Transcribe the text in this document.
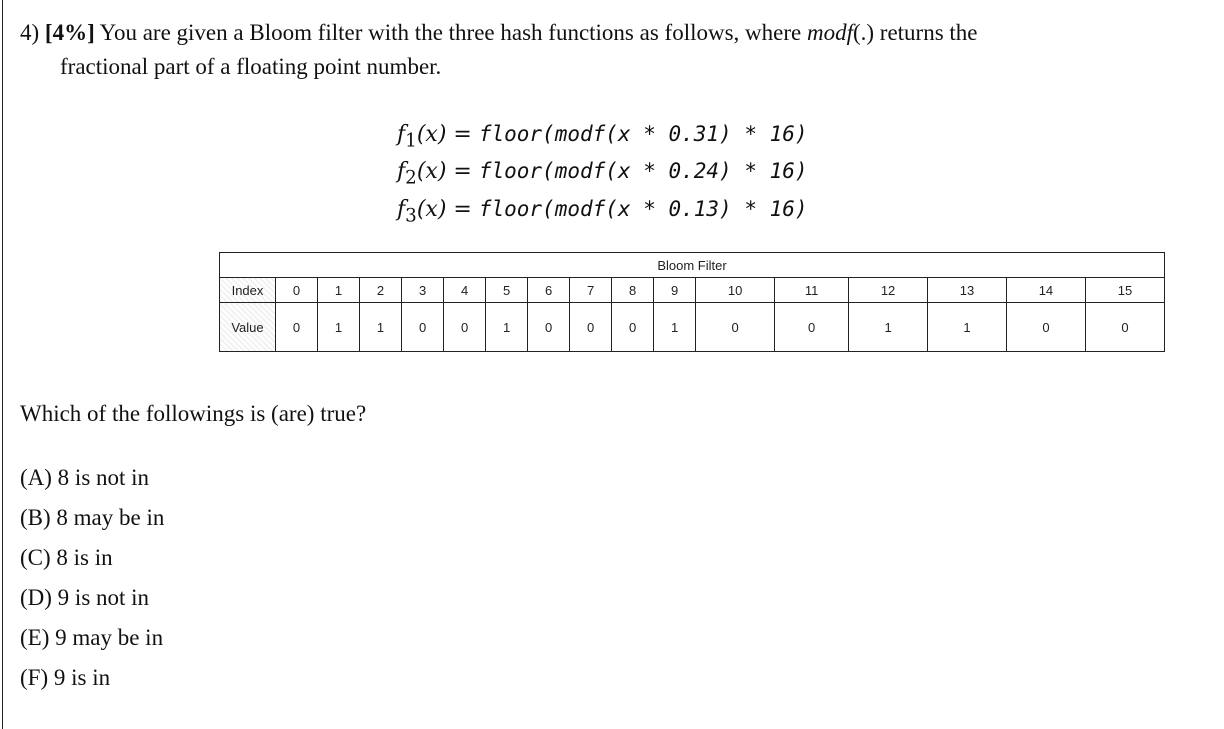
4) [4%] You are given a Bloom filter with the three hash functions as follows, where modf(.) returns the
fractional part of a floating point number.
$f_1(x)$ = floor(modf(x * 0.31) * 16)
$f_2(x)$ = floor(modf(x * 0.24) * 16)
$f_3(x)$ = floor(modf(x * 0.13) * 16)
Bloom Filter																
Index	0	1	2	3	4	5	6	7	8	9	10	11	12	13	14	15
Value	0	1	1	0	0	1	0	0	0	1	0	0	1	1	0	0
Which of the followings is (are) true?
(A) 8 is not in
(B) 8 may be in
(C) 8 is in
(D) 9 is not in
(E) 9 may be in
(F) 9 is in
